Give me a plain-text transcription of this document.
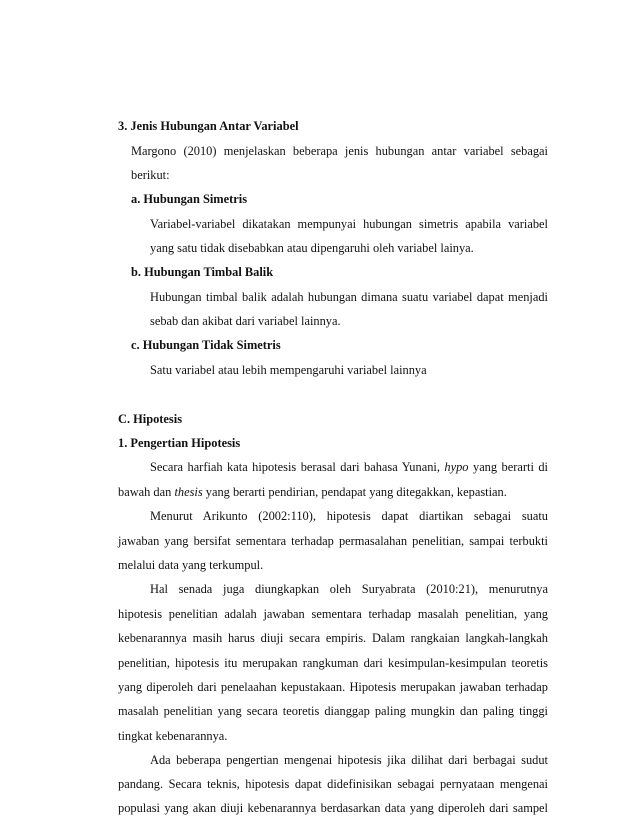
3. Jenis Hubungan Antar Variabel
Margono (2010) menjelaskan beberapa jenis hubungan antar variabel sebagai
berikut:
a. Hubungan Simetris
Variabel-variabel dikatakan mempunyai hubungan simetris apabila variabel
yang satu tidak disebabkan atau dipengaruhi oleh variabel lainya.
b. Hubungan Timbal Balik
Hubungan timbal balik adalah hubungan dimana suatu variabel dapat menjadi
sebab dan akibat dari variabel lainnya.
c. Hubungan Tidak Simetris
Satu variabel atau lebih mempengaruhi variabel lainnya
C. Hipotesis
1. Pengertian Hipotesis
Secara harfiah kata hipotesis berasal dari bahasa Yunani, hypo yang berarti di
bawah dan thesis yang berarti pendirian, pendapat yang ditegakkan, kepastian.
Menurut Arikunto (2002:110), hipotesis dapat diartikan sebagai suatu
jawaban yang bersifat sementara terhadap permasalahan penelitian, sampai terbukti
melalui data yang terkumpul.
Hal senada juga diungkapkan oleh Suryabrata (2010:21), menurutnya
hipotesis penelitian adalah jawaban sementara terhadap masalah penelitian, yang
kebenarannya masih harus diuji secara empiris. Dalam rangkaian langkah-langkah
penelitian, hipotesis itu merupakan rangkuman dari kesimpulan-kesimpulan teoretis
yang diperoleh dari penelaahan kepustakaan. Hipotesis merupakan jawaban terhadap
masalah penelitian yang secara teoretis dianggap paling mungkin dan paling tinggi
tingkat kebenarannya.
Ada beberapa pengertian mengenai hipotesis jika dilihat dari berbagai sudut
pandang. Secara teknis, hipotesis dapat didefinisikan sebagai pernyataan mengenai
populasi yang akan diuji kebenarannya berdasarkan data yang diperoleh dari sampel
